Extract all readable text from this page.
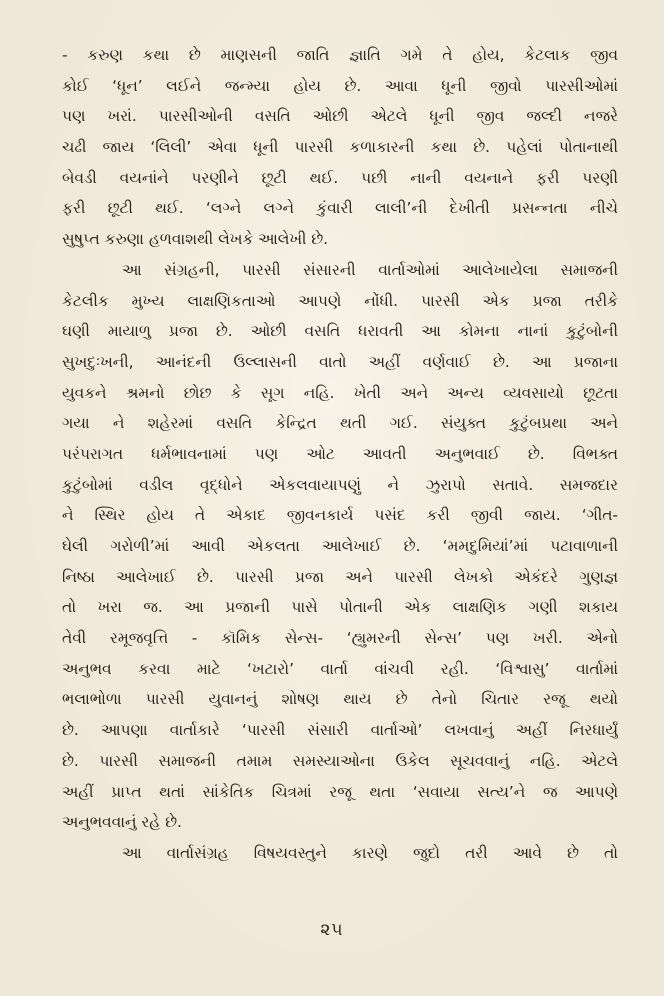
- કરુણ કથા છે માણસની જાતિ જ્ઞાતિ ગમે તે હોય, કેટલાક જીવ
કોઈ ‘ધૂન’ લઈને જન્મ્યા હોય છે. આવા ધૂની જીવો પારસીઓમાં
પણ ખરાં. પારસીઓની વસતિ ઓછી એટલે ધૂની જીવ જલ્દી નજરે
ચઢી જાય ‘લિલી’ એવા ધૂની પારસી કળાકારની કથા છે. પહેલાં પોતાનાથી
બેવડી વયનાંને પરણીને છૂટી થઈ. પછી નાની વયનાને ફરી પરણી
ફરી છૂટી થઈ. ‘લગ્ને લગ્ને કુંવારી લાલી’ની દેખીતી પ્રસન્નતા નીચે
સુષુપ્ત કરુણા હળવાશથી લેખકે આલેખી છે.
આ સંગ્રહની, પારસી સંસારની વાર્તાઓમાં આલેખાયેલા સમાજની
કેટલીક મુખ્ય લાક્ષણિકતાઓ આપણે નોંધી. પારસી એક પ્રજા તરીકે
ઘણી માયાળુ પ્રજા છે. ઓછી વસતિ ધરાવતી આ કોમના નાનાં કુટુંબોની
સુખદુઃખની, આનંદની ઉલ્લાસની વાતો અહીં વર્ણવાઈ છે. આ પ્રજાના
યુવકને શ્રમનો છોછ કે સૂગ નહિ. ખેતી અને અન્ય વ્યવસાયો છૂટતા
ગયા ને શહેરમાં વસતિ કેન્દ્રિત થતી ગઈ. સંયુક્ત કુટુંબપ્રથા અને
પરંપરાગત ધર્મભાવનામાં પણ ઓટ આવતી અનુભવાઈ છે. વિભક્ત
કુટુંબોમાં વડીલ વૃદ્ધોને એકલવાયાપણું ને ઝુરાપો સતાવે. સમજદાર
ને સ્થિર હોય તે એકાદ જીવનકાર્ય પસંદ કરી જીવી જાય. ‘ગીત-
ઘેલી ગરોળી’માં આવી એકલતા આલેખાઈ છે. ‘મમદુમિયાં’માં પટાવાળાની
નિષ્ઠા આલેખાઈ છે. પારસી પ્રજા અને પારસી લેખકો એકંદરે ગુણજ્ઞ
તો ખરા જ. આ પ્રજાની પાસે પોતાની એક લાક્ષણિક ગણી શકાય
તેવી રમૂજવૃત્તિ - કૉમિક સેન્સ- ‘હ્યુમરની સેન્સ’ પણ ખરી. એનો
અનુભવ કરવા માટે ‘ખટારો’ વાર્તા વાંચવી રહી. ‘વિશ્વાસુ’ વાર્તામાં
ભલાભોળા પારસી યુવાનનું શોષણ થાય છે તેનો ચિતાર રજૂ થયો
છે. આપણા વાર્તાકારે ‘પારસી સંસારી વાર્તાઓ’ લખવાનું અહીં નિરધાર્યું
છે. પારસી સમાજની તમામ સમસ્યાઓના ઉકેલ સૂચવવાનું નહિ. એટલે
અહીં પ્રાપ્ત થતાં સાંકેતિક ચિત્રમાં રજૂ થતા ‘સવાયા સત્ય’ને જ આપણે
અનુભવવાનું રહે છે.
આ વાર્તાસંગ્રહ વિષયવસ્તુને કારણે જુદો તરી આવે છે તો
૨૫
